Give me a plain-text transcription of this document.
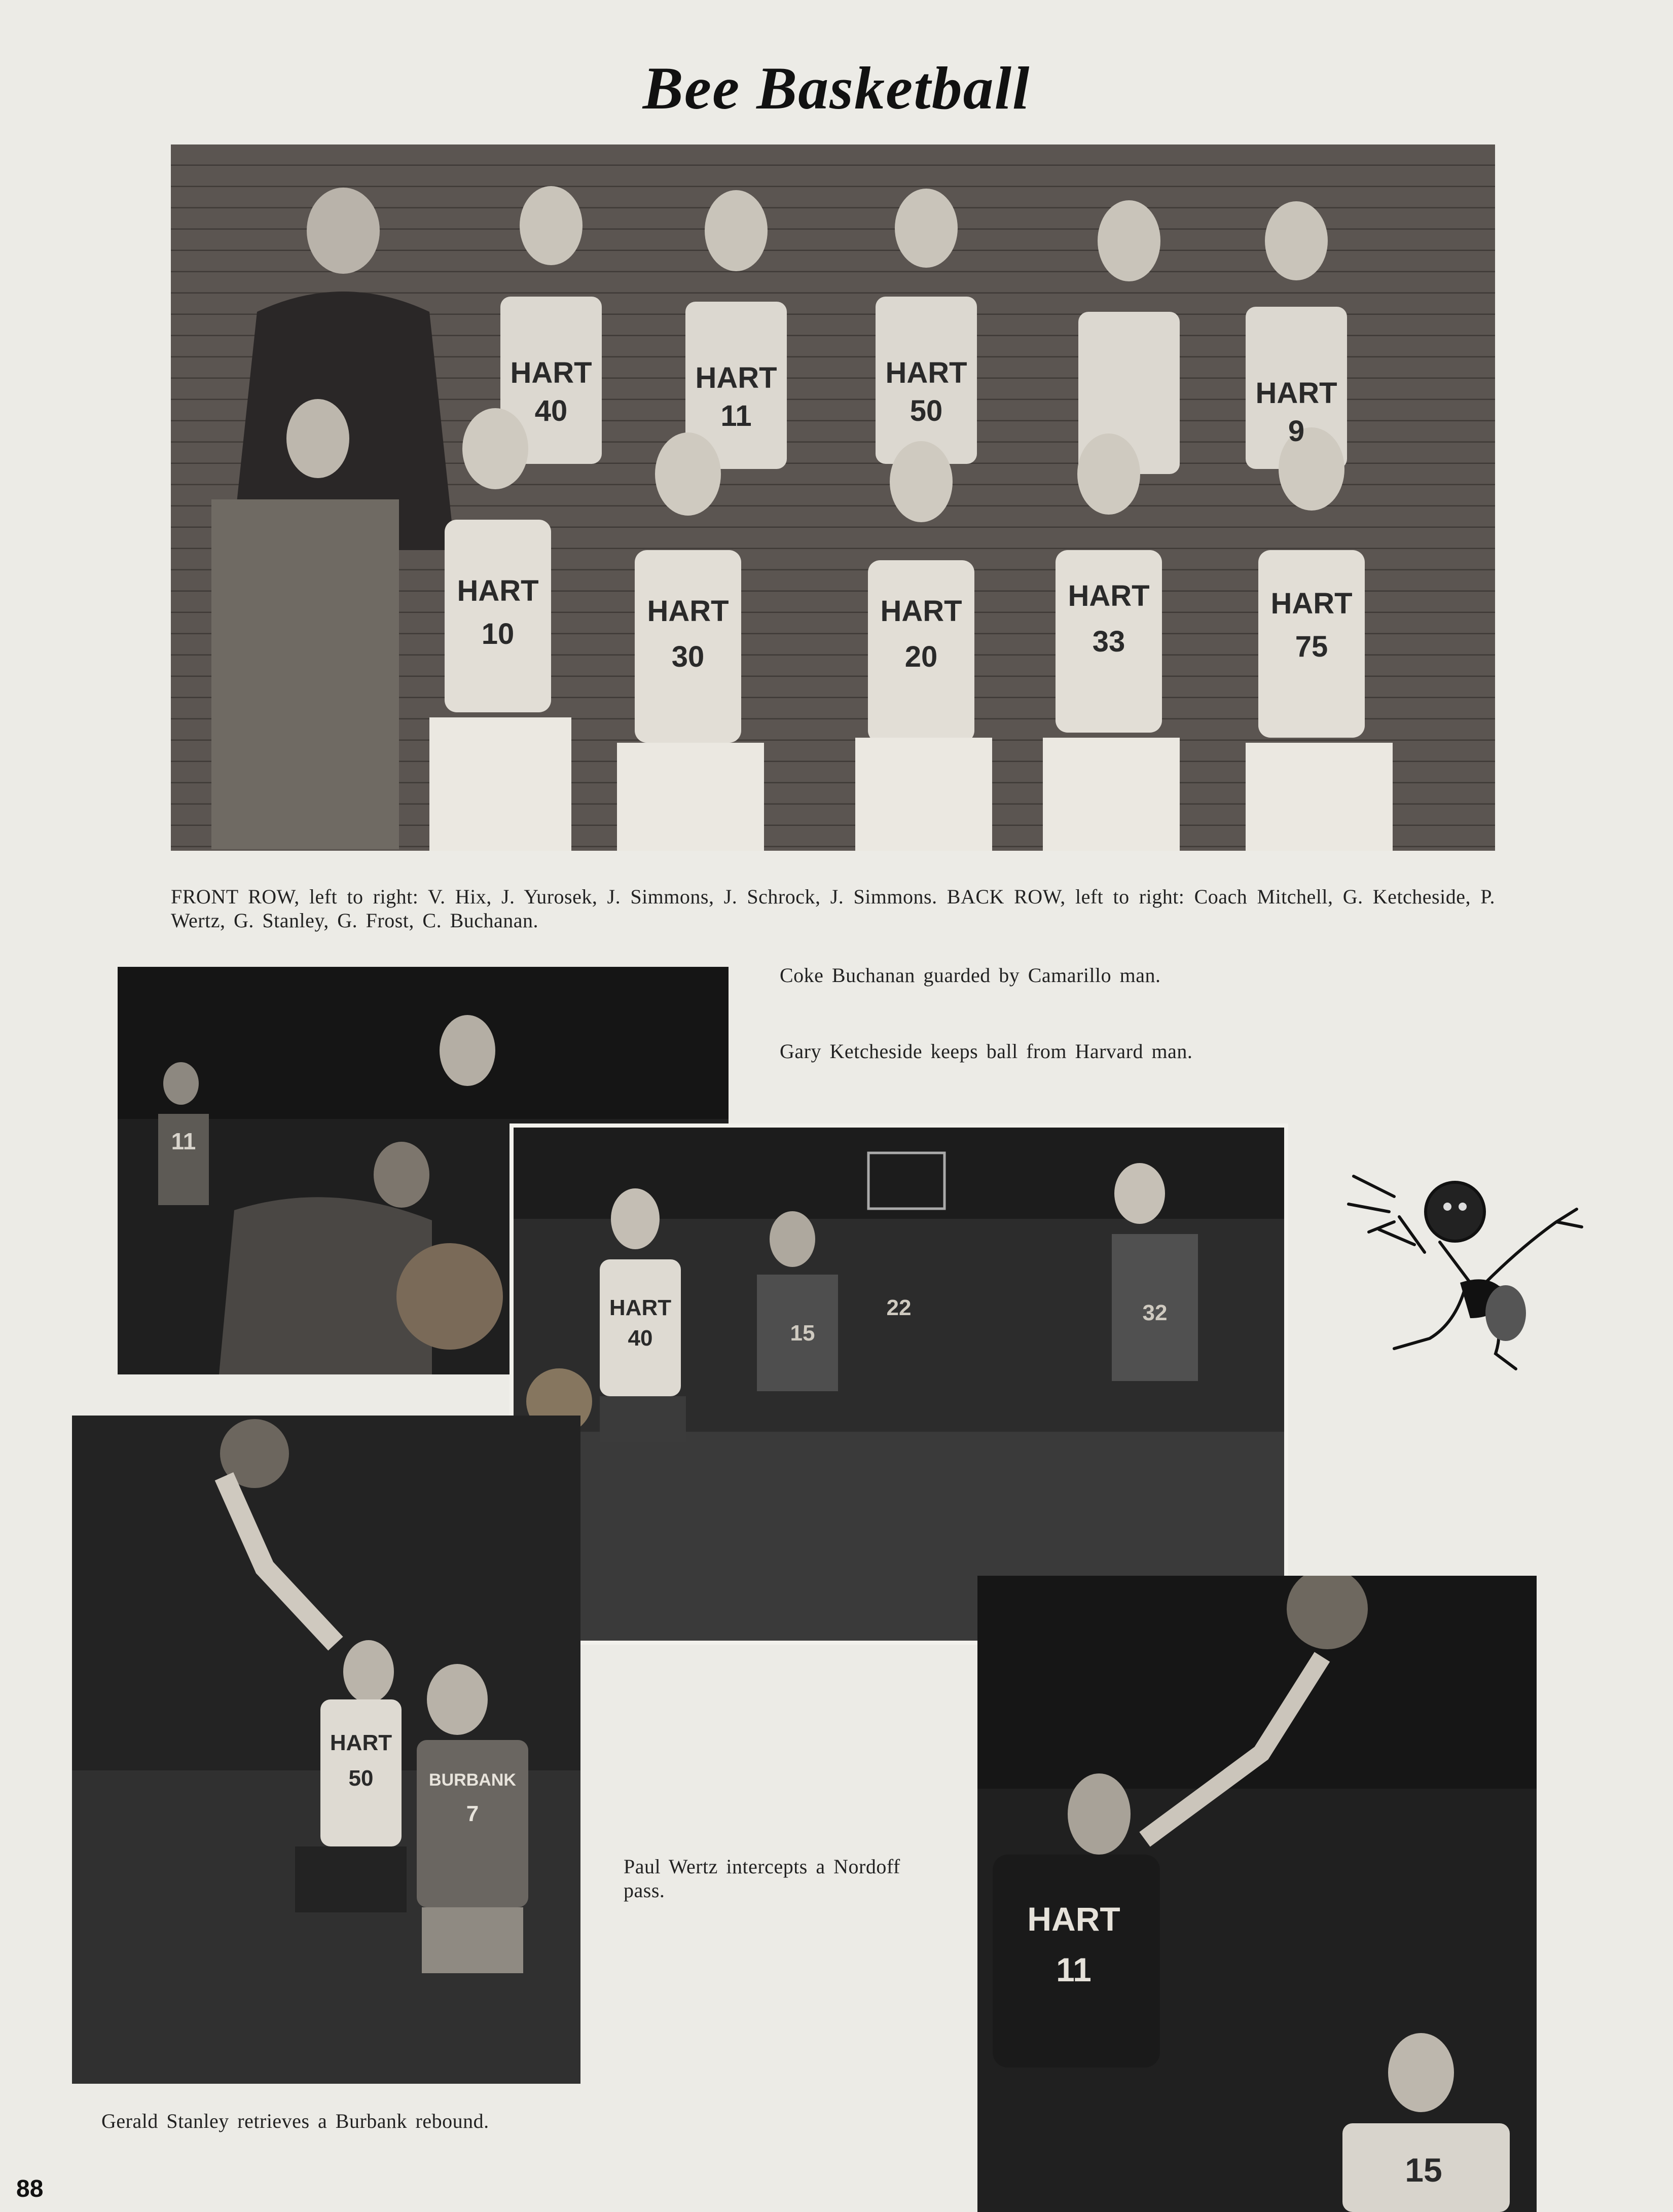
Bee Basketball
HART
40
HART
11
HART
50
HART
9
HART
10
HART
30
HART
20
HART
33
HART
75
FRONT ROW, left to right: V. Hix, J. Yurosek, J. Simmons, J. Schrock, J. Simmons. BACK ROW, left to right: Coach Mitchell, G. Ketcheside, P. Wertz, G. Stanley, G. Frost, C. Buchanan.
11
Coke Buchanan guarded by Camarillo man.
Gary Ketcheside keeps ball from Harvard man.
HART
40	15
22	32
HART
50	BURBANK
7
Paul Wertz intercepts a Nordoff pass.
HART
11
15
Gerald Stanley retrieves a Burbank rebound.
88
